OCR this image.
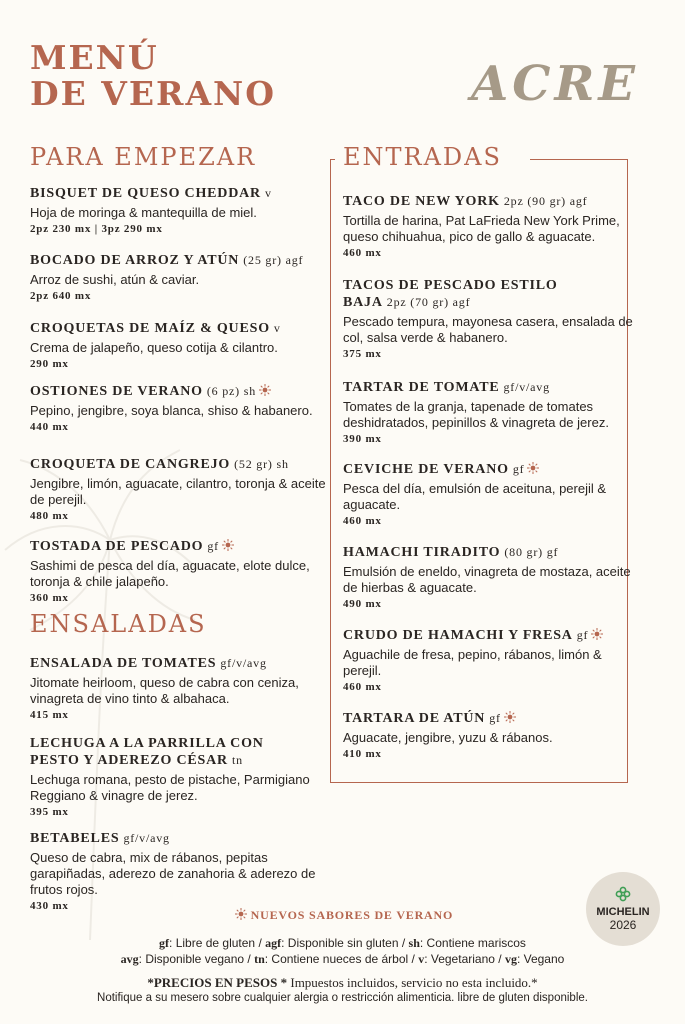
MENÚ
DE VERANO	ACRE
PARA EMPEZAR	ENTRADAS
BISQUET DE QUESO CHEDDAR v
Hoja de moringa & mantequilla de miel.
2pz 230 mx | 3pz 290 mx
BOCADO DE ARROZ Y ATÚN (25 gr) agf
Arroz de sushi, atún & caviar.
2pz 640 mx
CROQUETAS DE MAÍZ & QUESO v
Crema de jalapeño, queso cotija & cilantro.
290 mx
OSTIONES DE VERANO (6 pz) sh
Pepino, jengibre, soya blanca, shiso & habanero.
440 mx
CROQUETA DE CANGREJO (52 gr) sh
Jengibre, limón, aguacate, cilantro, toronja & aceite de perejil.
480 mx
TOSTADA DE PESCADO gf
Sashimi de pesca del día, aguacate, elote dulce, toronja & chile jalapeño.
360 mx
ENSALADAS
ENSALADA DE TOMATES gf/v/avg
Jitomate heirloom, queso de cabra con ceniza, vinagreta de vino tinto & albahaca.
415 mx
LECHUGA A LA PARRILLA CON PESTO Y ADEREZO CÉSAR tn
Lechuga romana, pesto de pistache, Parmigiano Reggiano & vinagre de jerez.
395 mx
BETABELES gf/v/avg
Queso de cabra, mix de rábanos, pepitas garapiñadas, aderezo de zanahoria & aderezo de frutos rojos.
430 mx
TACO DE NEW YORK 2pz (90 gr) agf
Tortilla de harina, Pat LaFrieda New York Prime, queso chihuahua, pico de gallo & aguacate.
460 mx
TACOS DE PESCADO ESTILO BAJA 2pz (70 gr) agf
Pescado tempura, mayonesa casera, ensalada de col, salsa verde & habanero.
375 mx
TARTAR DE TOMATE gf/v/avg
Tomates de la granja, tapenade de tomates deshidratados, pepinillos & vinagreta de jerez.
390 mx
CEVICHE DE VERANO gf
Pesca del día, emulsión de aceituna, perejil & aguacate.
460 mx
HAMACHI TIRADITO (80 gr) gf
Emulsión de eneldo, vinagreta de mostaza, aceite de hierbas & aguacate.
490 mx
CRUDO DE HAMACHI Y FRESA gf
Aguachile de fresa, pepino, rábanos, limón & perejil.
460 mx
TARTARA DE ATÚN gf
Aguacate, jengibre, yuzu & rábanos.
410 mx
NUEVOS SABORES DE VERANO
gf: Libre de gluten / agf: Disponible sin gluten / sh: Contiene mariscos
avg: Disponible vegano / tn: Contiene nueces de árbol / v: Vegetariano / vg: Vegano
*PRECIOS EN PESOS * Impuestos incluidos, servicio no esta incluido.*
Notifique a su mesero sobre cualquier alergia o restricción alimenticia. libre de gluten disponible.
MICHELIN
2026
